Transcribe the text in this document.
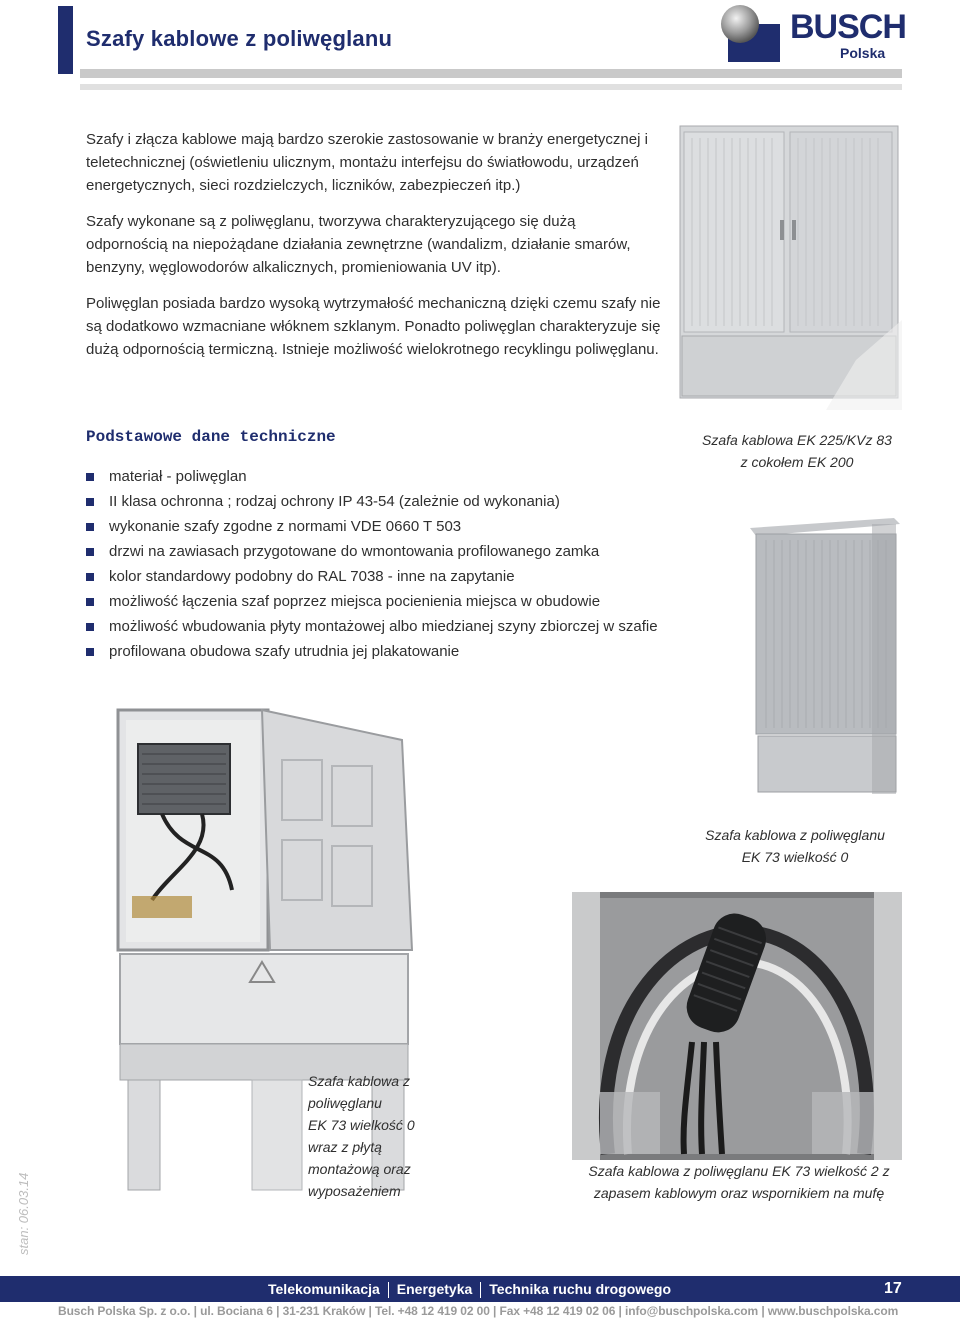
Szafy kablowe z poliwęglanu	BUSCH
Polska

Szafy i złącza kablowe mają bardzo szerokie zastosowanie w branży energetycznej i teletechnicznej (oświetleniu ulicznym, montażu interfejsu do światłowodu, urządzeń energetycznych, sieci rozdzielczych, liczników, zabezpieczeń itp.)

Szafy wykonane są z poliwęglanu, tworzywa charakteryzującego się dużą odpornością na niepożądane działania zewnętrzne (wandalizm, działanie smarów, benzyny, węglowodorów alkalicznych, promieniowania UV itp).

Poliwęglan posiada bardzo wysoką wytrzymałość mechaniczną dzięki czemu szafy nie są dodatkowo wzmacniane włóknem szklanym. Ponadto poliwęglan charakteryzuje się dużą odpornością termiczną. Istnieje możliwość wielokrotnego recyklingu poliwęglanu.

Podstawowe dane techniczne
materiał - poliwęglan
II klasa ochronna ; rodzaj ochrony IP 43-54 (zależnie od wykonania)
wykonanie szafy zgodne z normami VDE 0660 T 503
drzwi na zawiasach przygotowane do wmontowania profilowanego zamka
kolor standardowy podobny do RAL 7038 - inne na zapytanie
możliwość łączenia szaf poprzez miejsca pocienienia miejsca w obudowie
możliwość wbudowania płyty montażowej albo miedzianej szyny zbiorczej w szafie
profilowana obudowa szafy utrudnia jej plakatowanie
Szafa kablowa EK 225/KVz 83
z cokołem EK 200
Szafa kablowa z poliwęglanu
EK 73 wielkość 0
Szafa kablowa z
poliwęglanu
EK 73 wielkość 0
wraz z płytą
montażową oraz
wyposażeniem
Szafa kablowa z poliwęglanu EK 73 wielkość 2 z
zapasem kablowym oraz wspornikiem na mufę
stan: 06.03.14
Telekomunikacja Energetyka Technika ruchu drogowego	17
Busch Polska Sp. z o.o. | ul. Bociana 6 | 31-231 Kraków | Tel. +48 12 419 02 00 | Fax +48 12 419 02 06 | info@buschpolska.com | www.buschpolska.com
